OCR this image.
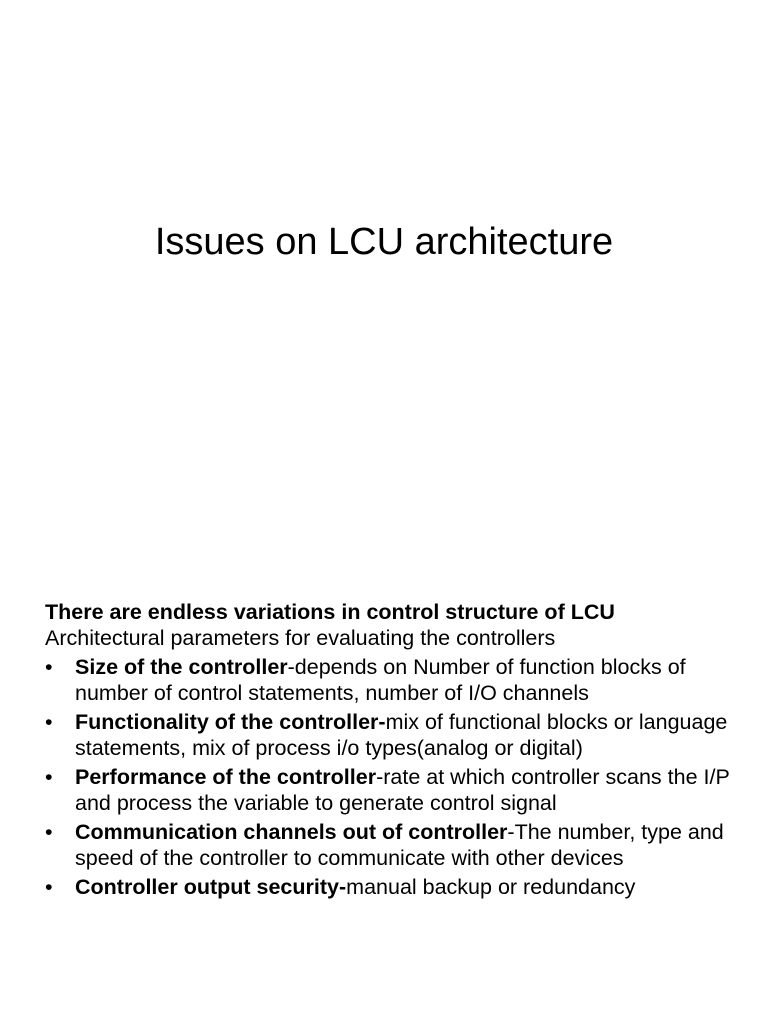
Issues on LCU architecture

There are endless variations in control structure of LCU

Architectural parameters for evaluating the controllers

• Size of the controller-depends on Number of function blocks of number of control statements, number of I/O channels
• Functionality of the controller-mix of functional blocks or language statements, mix of process i/o types(analog or digital)
• Performance of the controller-rate at which controller scans the I/P and process the variable to generate control signal
• Communication channels out of controller-The number, type and speed of the controller to communicate with other devices
• Controller output security-manual backup or redundancy
